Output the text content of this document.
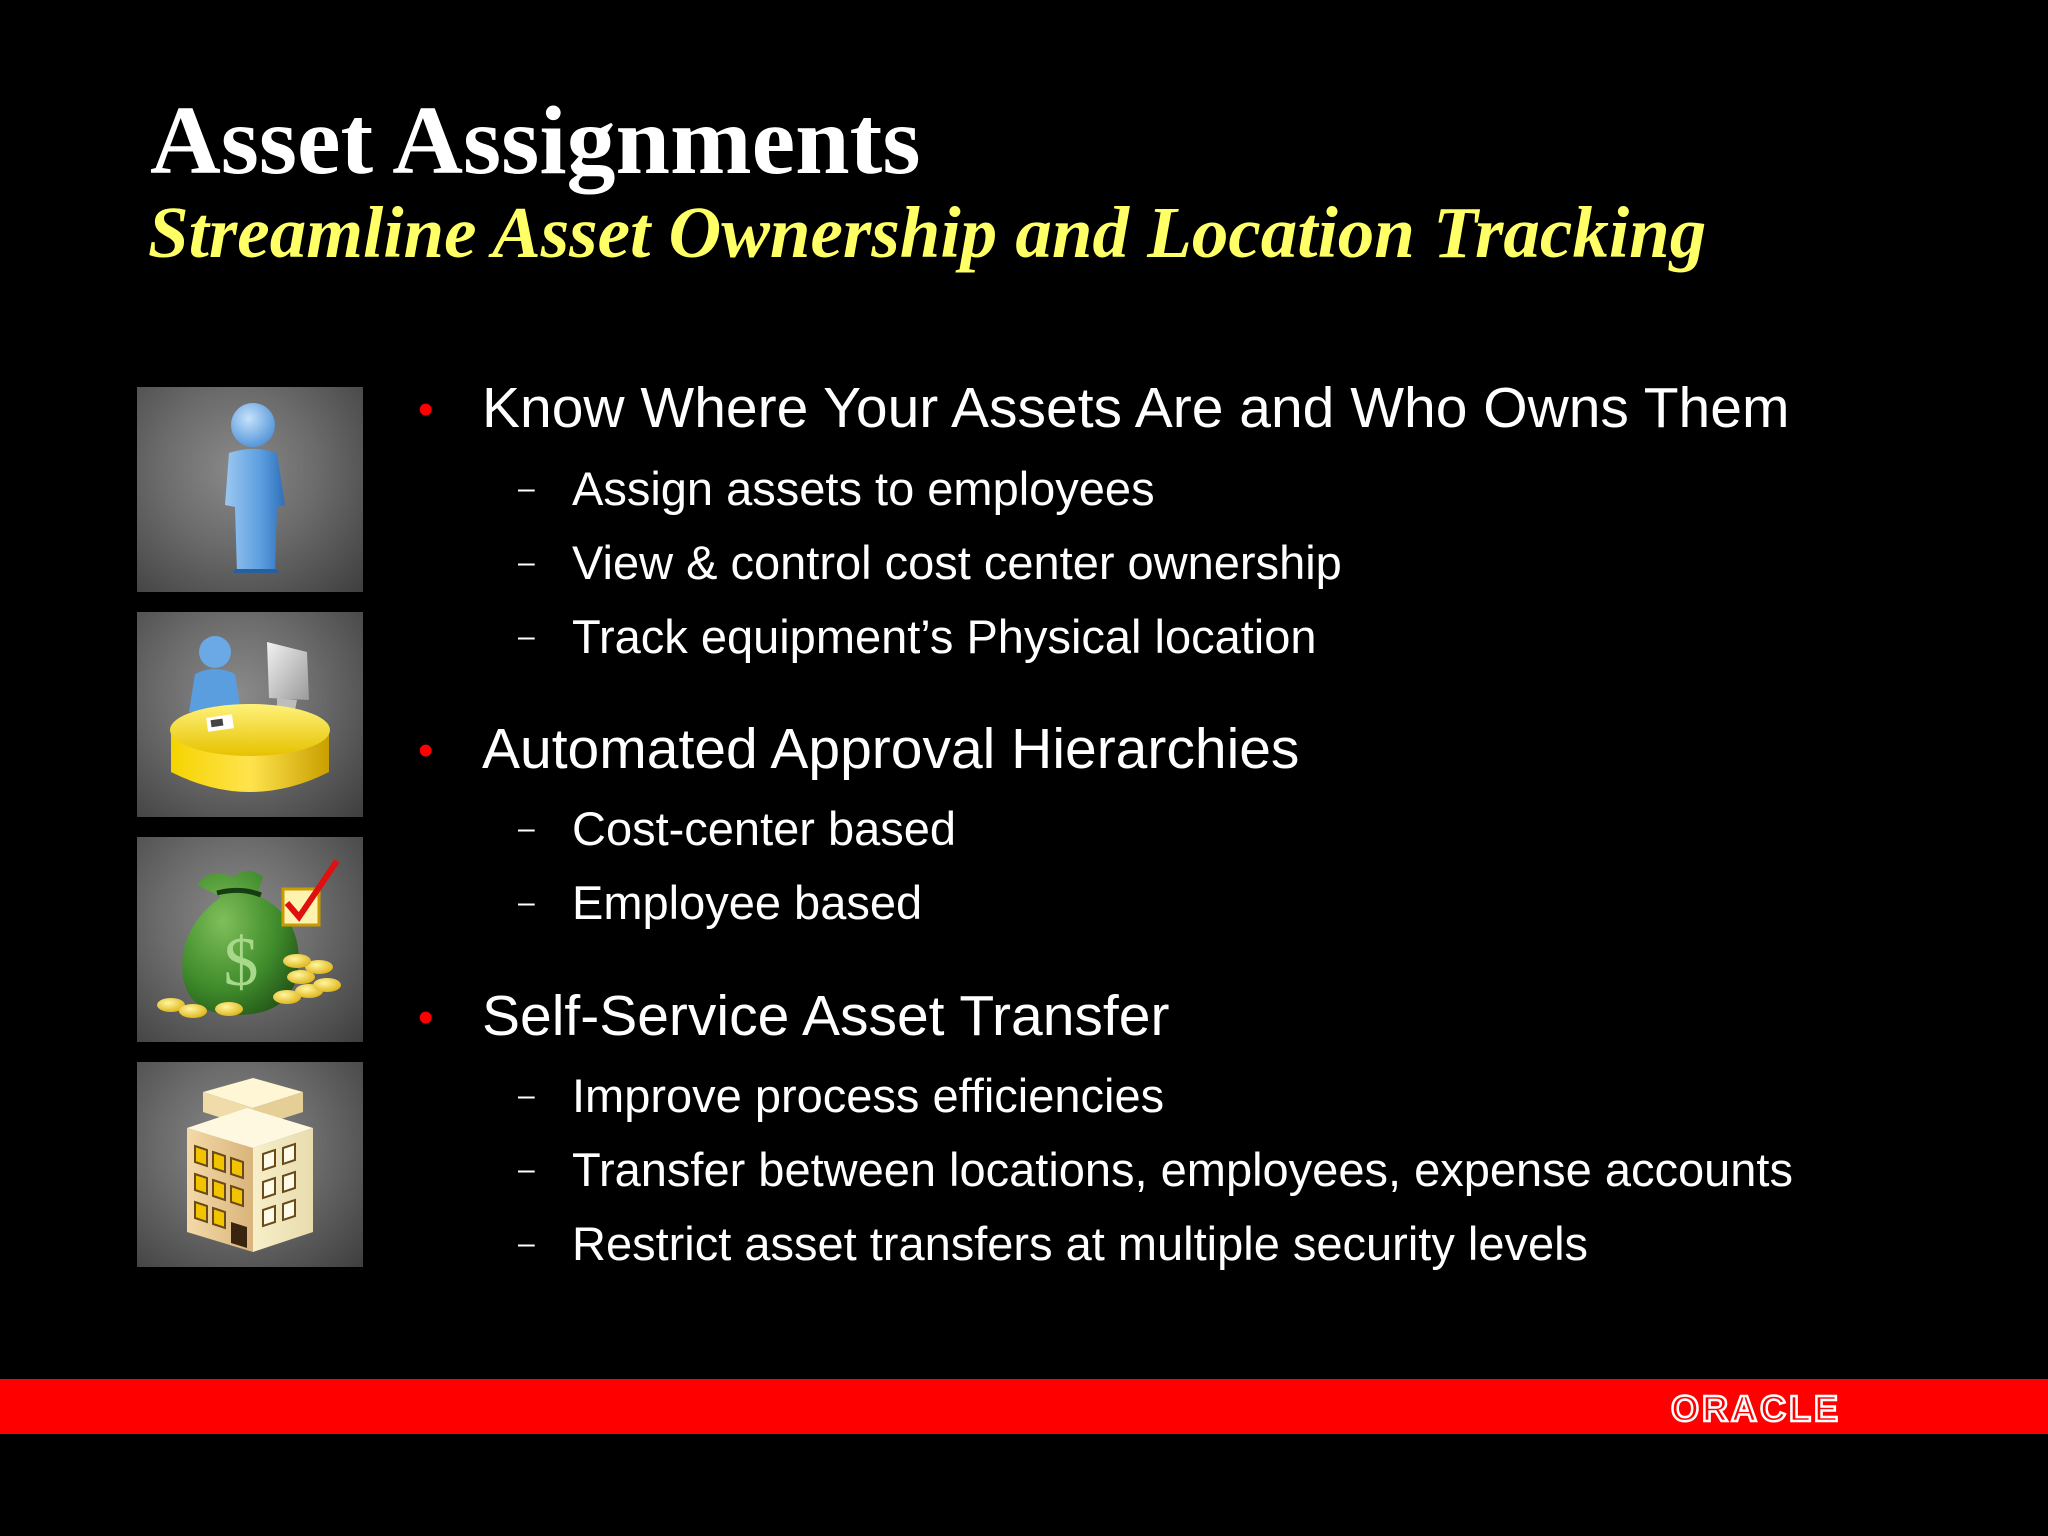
Asset Assignments
Streamline Asset Ownership and Location Tracking
$
• Know Where Your Assets Are and Who Owns Them
– Assign assets to employees
– View & control cost center ownership
– Track equipment’s Physical location
• Automated Approval Hierarchies
– Cost-center based
– Employee based
• Self-Service Asset Transfer
– Improve process efficiencies
– Transfer between locations, employees, expense accounts
– Restrict asset transfers at multiple security levels
ORACLE
